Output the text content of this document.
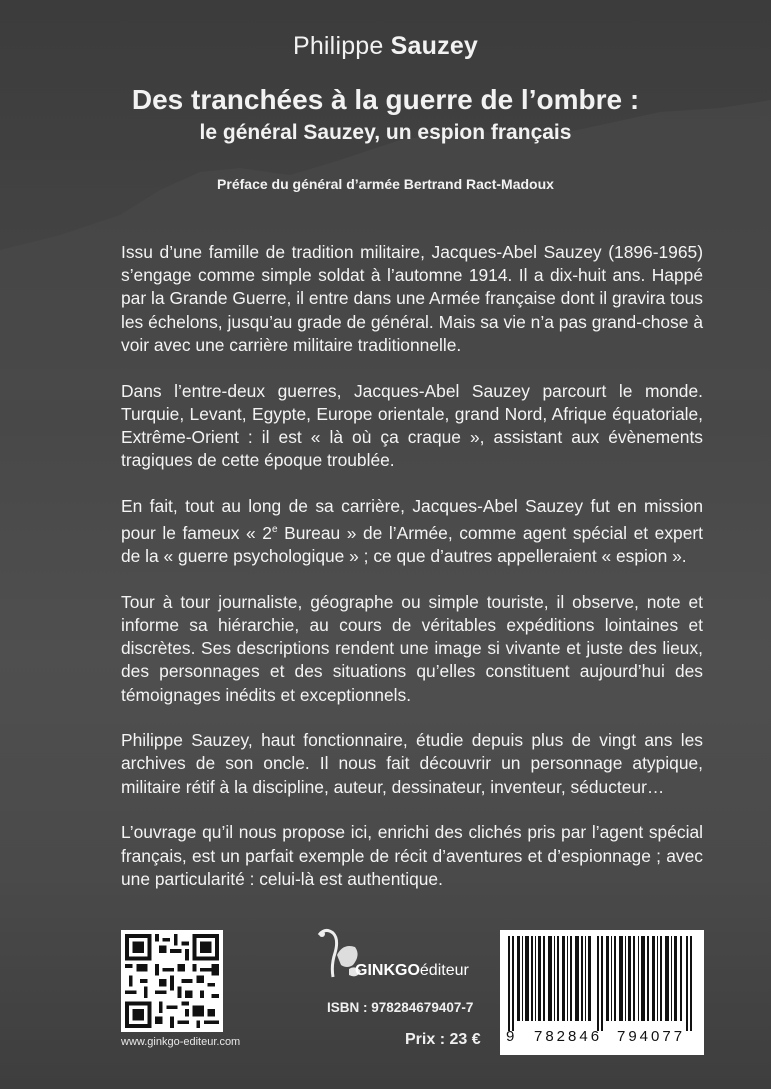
Philippe Sauzey
Des tranchées à la guerre de l’ombre :
le général Sauzey, un espion français
Préface du général d’armée Bertrand Ract-Madoux

Issu d’une famille de tradition militaire, Jacques-Abel Sauzey (1896-1965) s’engage comme simple soldat à l’automne 1914. Il a dix-huit ans. Happé par la Grande Guerre, il entre dans une Armée française dont il gravira tous les échelons, jusqu’au grade de général. Mais sa vie n’a pas grand-chose à voir avec une carrière militaire traditionnelle.

Dans l’entre-deux guerres, Jacques-Abel Sauzey parcourt le monde. Turquie, Levant, Egypte, Europe orientale, grand Nord, Afrique équatoriale, Extrême-Orient : il est « là où ça craque », assistant aux évènements tragiques de cette époque troublée.

En fait, tout au long de sa carrière, Jacques-Abel Sauzey fut en mission pour le fameux « 2e Bureau » de l’Armée, comme agent spécial et expert de la « guerre psychologique » ; ce que d’autres appelleraient « espion ».

Tour à tour journaliste, géographe ou simple touriste, il observe, note et informe sa hiérarchie, au cours de véritables expéditions lointaines et discrètes. Ses descriptions rendent une image si vivante et juste des lieux, des personnages et des situations qu’elles constituent aujourd’hui des témoignages inédits et exceptionnels.

Philippe Sauzey, haut fonctionnaire, étudie depuis plus de vingt ans les archives de son oncle. Il nous fait découvrir un personnage atypique, militaire rétif à la discipline, auteur, dessinateur, inventeur, séducteur…

L’ouvrage qu’il nous propose ici, enrichi des clichés pris par l’agent spécial français, est un parfait exemple de récit d’aventures et d’espionnage ; avec une particularité : celui-là est authentique.

www.ginkgo-editeur.com
GINKGOéditeur
ISBN : 978284679407-7
Prix : 23 € 9 782846 794077
